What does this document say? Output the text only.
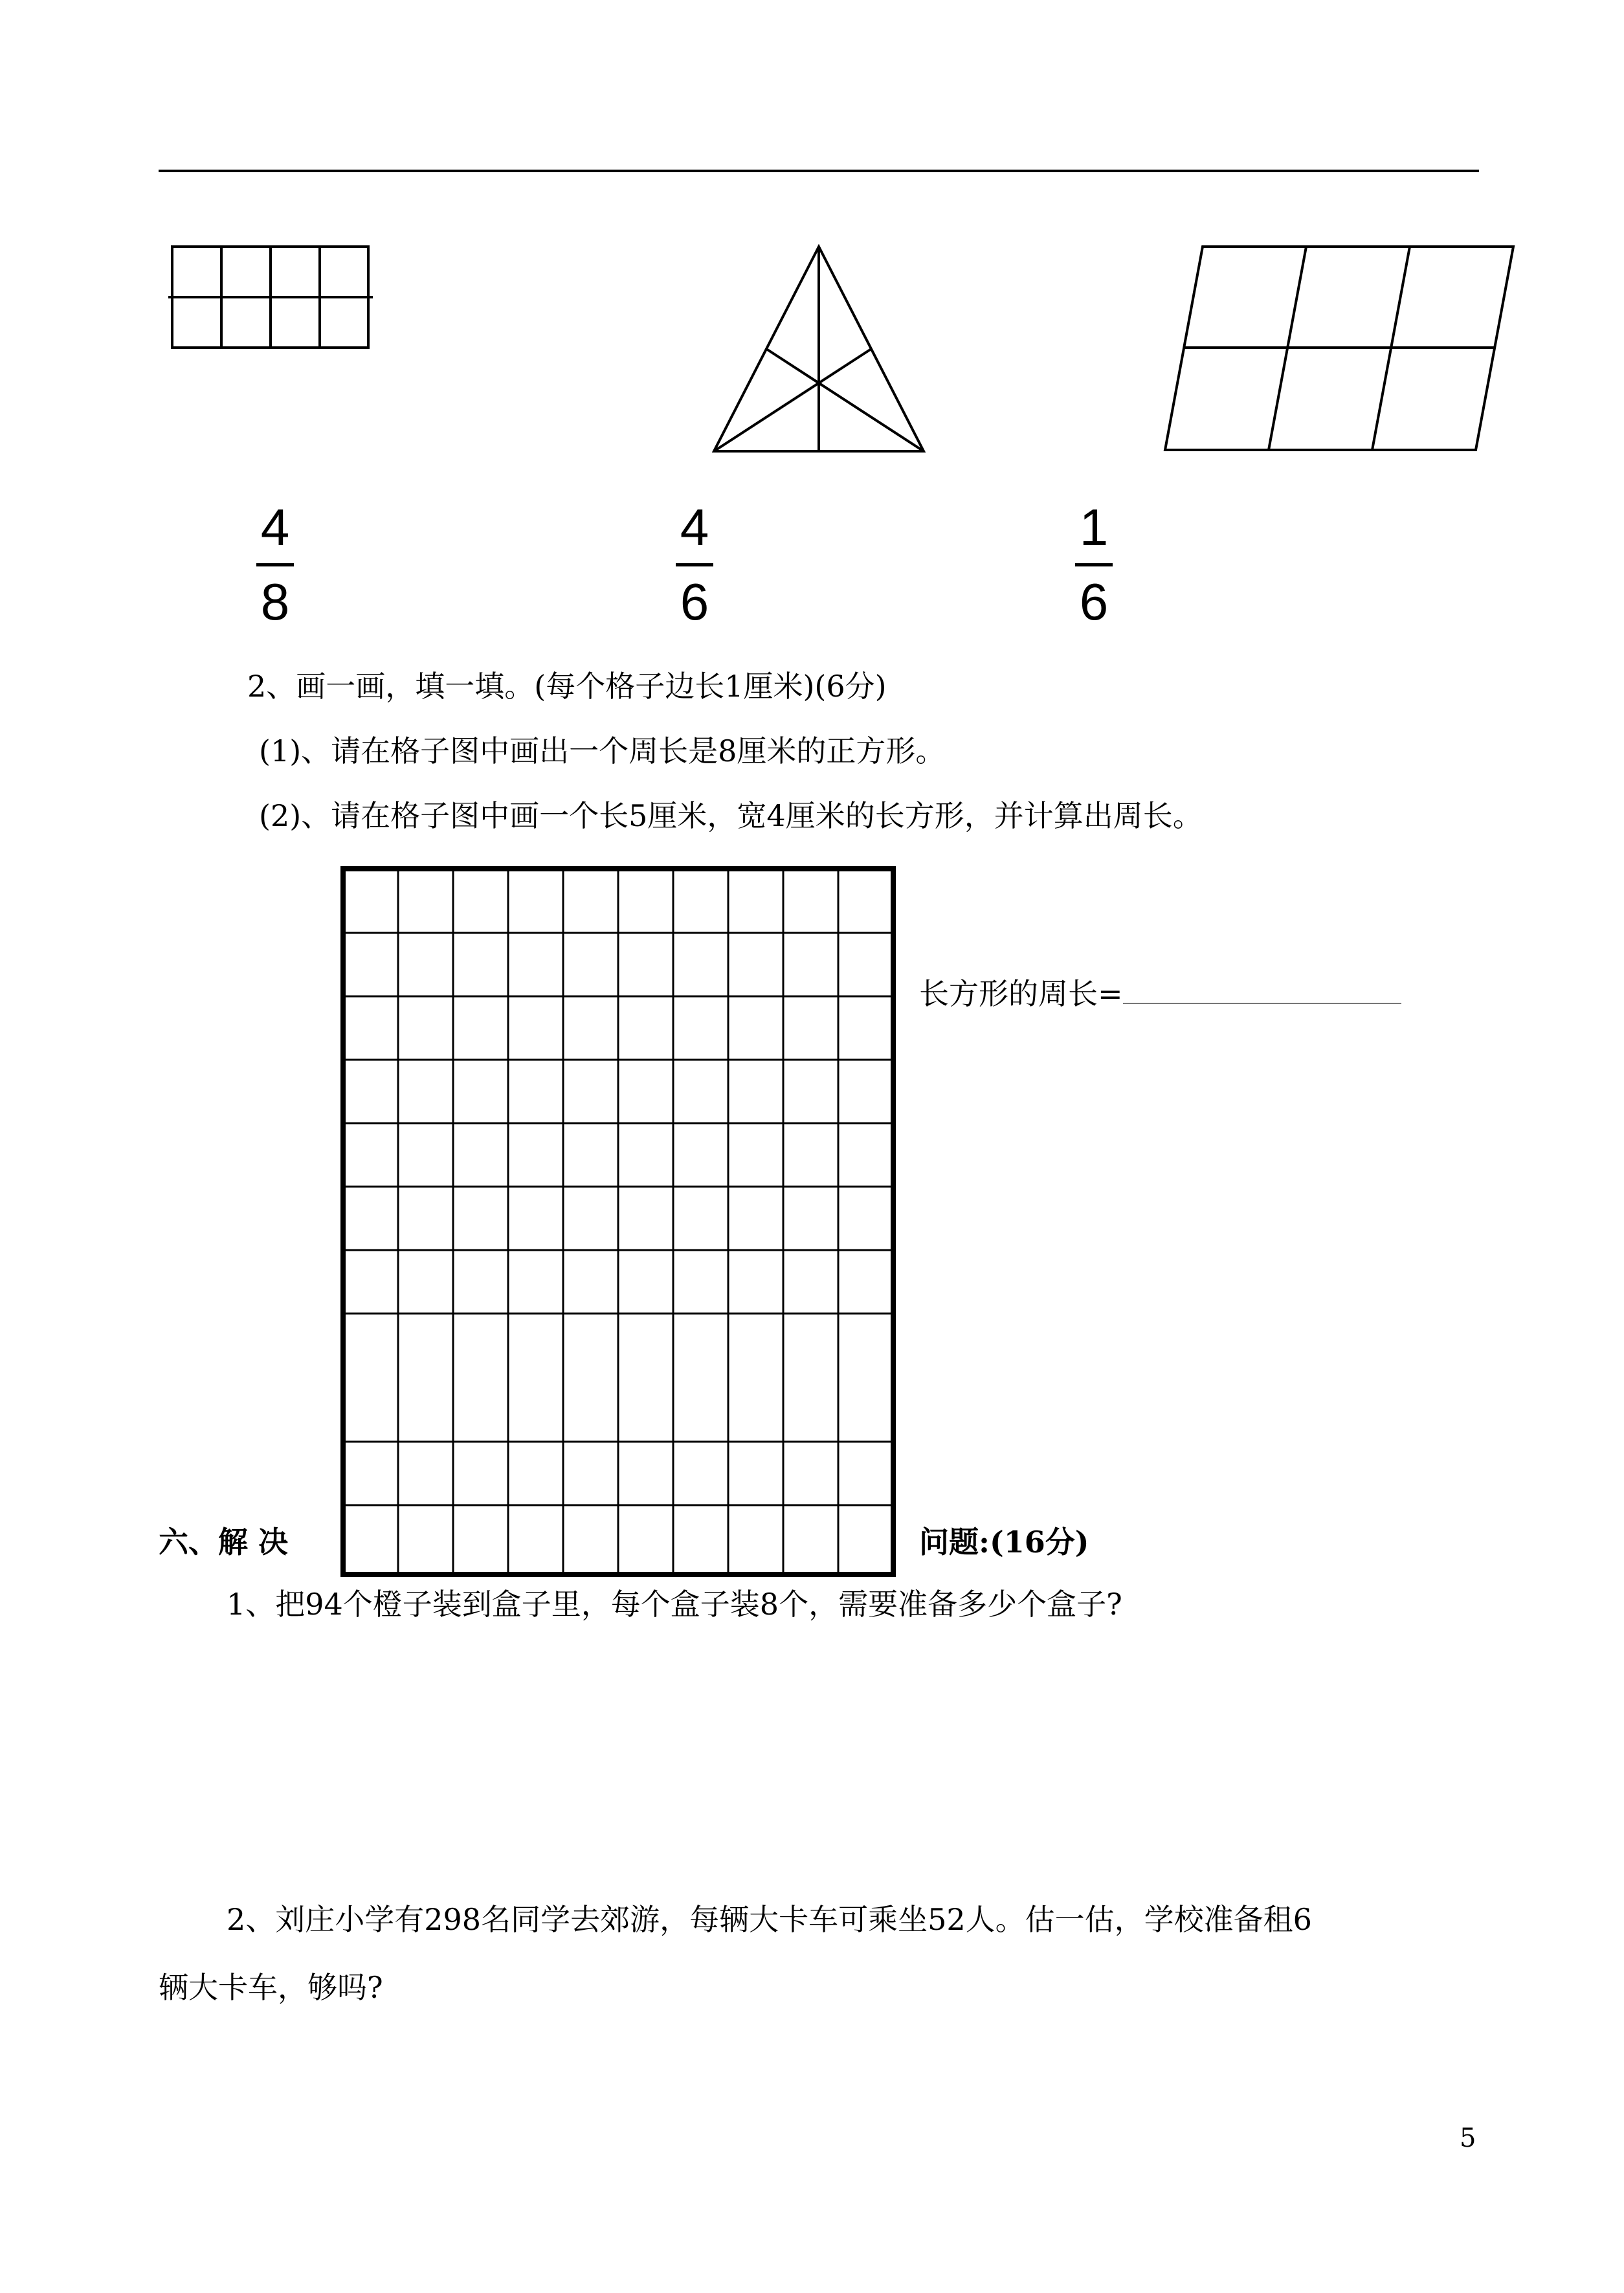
4
8
4
6
1
6
2、画一画，填一填。(每个格子边长1厘米)(6分)
(1)、请在格子图中画出一个周长是8厘米的正方形。
(2)、请在格子图中画一个长5厘米，宽4厘米的长方形，并计算出周长。
长方形的周长=
六、解 决	问题:(16分)
1、把94个橙子装到盒子里，每个盒子装8个，需要准备多少个盒子?
2、刘庄小学有298名同学去郊游，每辆大卡车可乘坐52人。估一估，学校准备租6
辆大卡车，够吗?
5
